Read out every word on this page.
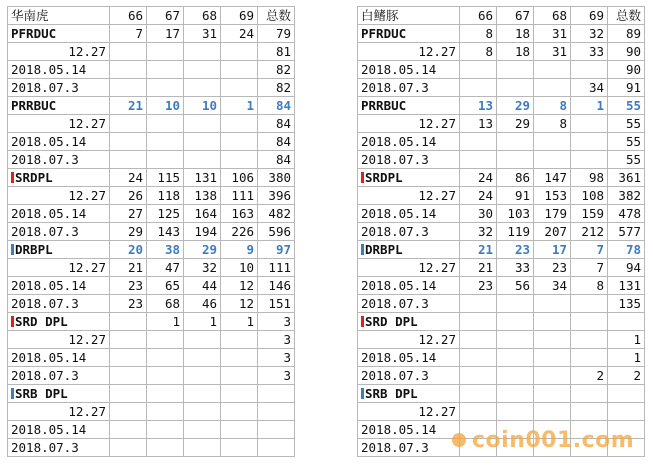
华南虎	66	67	68	69	总数
PFRDUC	7	17	31	24	79
12.27					81
2018.05.14					82
2018.07.3					82
PRRBUC	21	10	10	1	84
12.27					84
2018.05.14					84
2018.07.3					84
SRDPL	24	115	131	106	380
12.27	26	118	138	111	396
2018.05.14	27	125	164	163	482
2018.07.3	29	143	194	226	596
DRBPL	20	38	29	9	97
12.27	21	47	32	10	111
2018.05.14	23	65	44	12	146
2018.07.3	23	68	46	12	151
SRD DPL		1	1	1	3
12.27					3
2018.05.14					3
2018.07.3					3
SRB DPL					
12.27					
2018.05.14					
2018.07.3					
白鳍豚	66	67	68	69	总数
PFRDUC	8	18	31	32	89
12.27	8	18	31	33	90
2018.05.14					90
2018.07.3				34	91
PRRBUC	13	29	8	1	55
12.27	13	29	8		55
2018.05.14					55
2018.07.3					55
SRDPL	24	86	147	98	361
12.27	24	91	153	108	382
2018.05.14	30	103	179	159	478
2018.07.3	32	119	207	212	577
DRBPL	21	23	17	7	78
12.27	21	33	23	7	94
2018.05.14	23	56	34	8	131
2018.07.3					135
SRD DPL					
12.27					1
2018.05.14					1
2018.07.3				2	2
SRB DPL					
12.27					
2018.05.14					
2018.07.3						coin001.com
